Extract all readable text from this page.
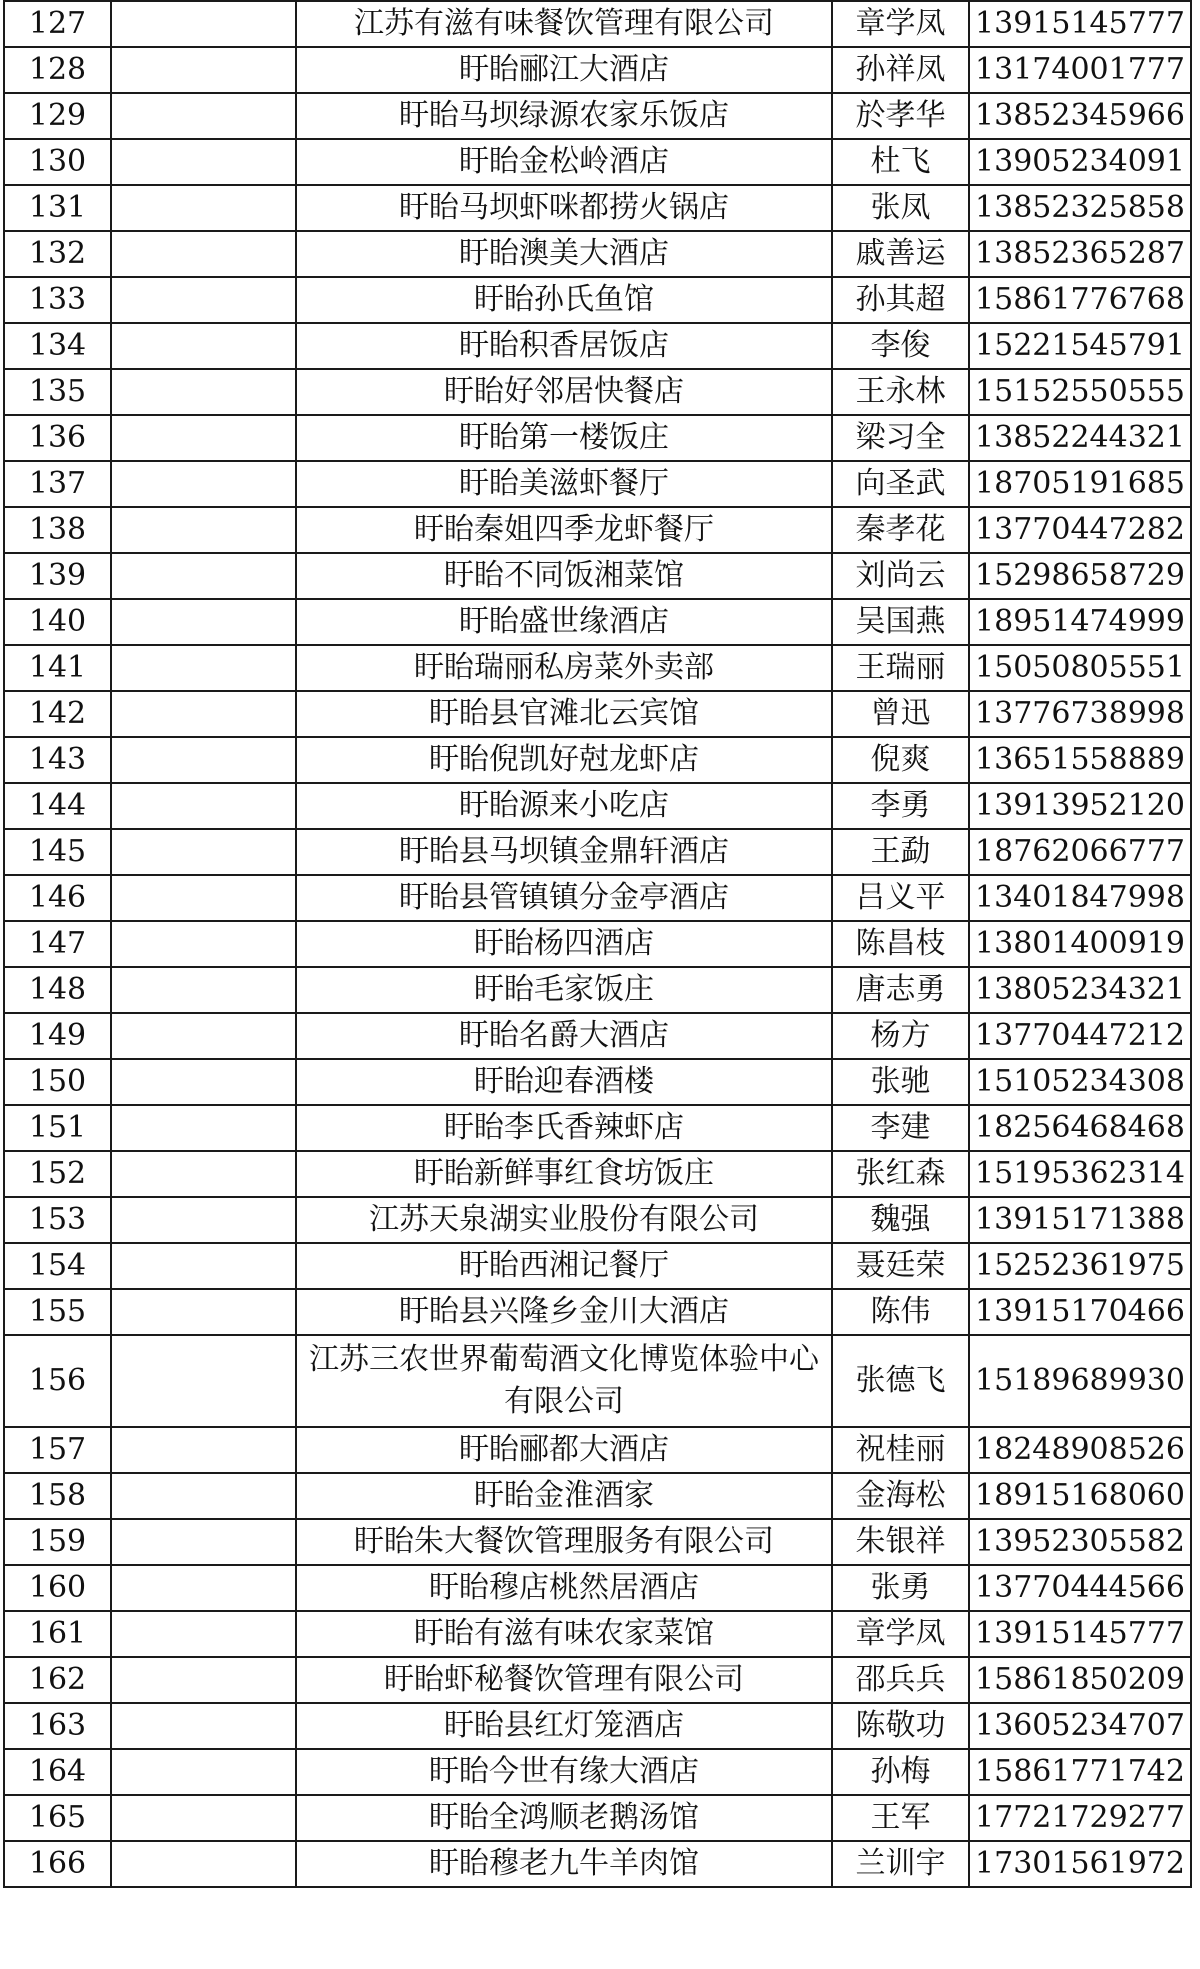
127		江苏有滋有味餐饮管理有限公司	章学凤	13915145777
128		盱眙郦江大酒店	孙祥凤	13174001777
129		盱眙马坝绿源农家乐饭店	於孝华	13852345966
130		盱眙金松岭酒店	杜飞	13905234091
131		盱眙马坝虾咪都捞火锅店	张凤	13852325858
132		盱眙澳美大酒店	戚善运	13852365287
133		盱眙孙氏鱼馆	孙其超	15861776768
134		盱眙积香居饭店	李俊	15221545791
135		盱眙好邻居快餐店	王永林	15152550555
136		盱眙第一楼饭庄	梁习全	13852244321
137		盱眙美滋虾餐厅	向圣武	18705191685
138		盱眙秦姐四季龙虾餐厅	秦孝花	13770447282
139		盱眙不同饭湘菜馆	刘尚云	15298658729
140		盱眙盛世缘酒店	吴国燕	18951474999
141		盱眙瑞丽私房菜外卖部	王瑞丽	15050805551
142		盱眙县官滩北云宾馆	曾迅	13776738998
143		盱眙倪凯好尅龙虾店	倪爽	13651558889
144		盱眙源来小吃店	李勇	13913952120
145		盱眙县马坝镇金鼎轩酒店	王勐	18762066777
146		盱眙县管镇镇分金亭酒店	吕义平	13401847998
147		盱眙杨四酒店	陈昌枝	13801400919
148		盱眙毛家饭庄	唐志勇	13805234321
149		盱眙名爵大酒店	杨方	13770447212
150		盱眙迎春酒楼	张驰	15105234308
151		盱眙李氏香辣虾店	李建	18256468468
152		盱眙新鲜事红食坊饭庄	张红森	15195362314
153		江苏天泉湖实业股份有限公司	魏强	13915171388
154		盱眙西湘记餐厅	聂廷荣	15252361975
155		盱眙县兴隆乡金川大酒店	陈伟	13915170466
156		江苏三农世界葡萄酒文化博览体验中心有限公司	张德飞	15189689930
157		盱眙郦都大酒店	祝桂丽	18248908526
158		盱眙金淮酒家	金海松	18915168060
159		盱眙朱大餐饮管理服务有限公司	朱银祥	13952305582
160		盱眙穆店桃然居酒店	张勇	13770444566
161		盱眙有滋有味农家菜馆	章学凤	13915145777
162		盱眙虾秘餐饮管理有限公司	邵兵兵	15861850209
163		盱眙县红灯笼酒店	陈敬功	13605234707
164		盱眙今世有缘大酒店	孙梅	15861771742
165		盱眙全鸿顺老鹅汤馆	王军	17721729277
166		盱眙穆老九牛羊肉馆	兰训宇	17301561972
